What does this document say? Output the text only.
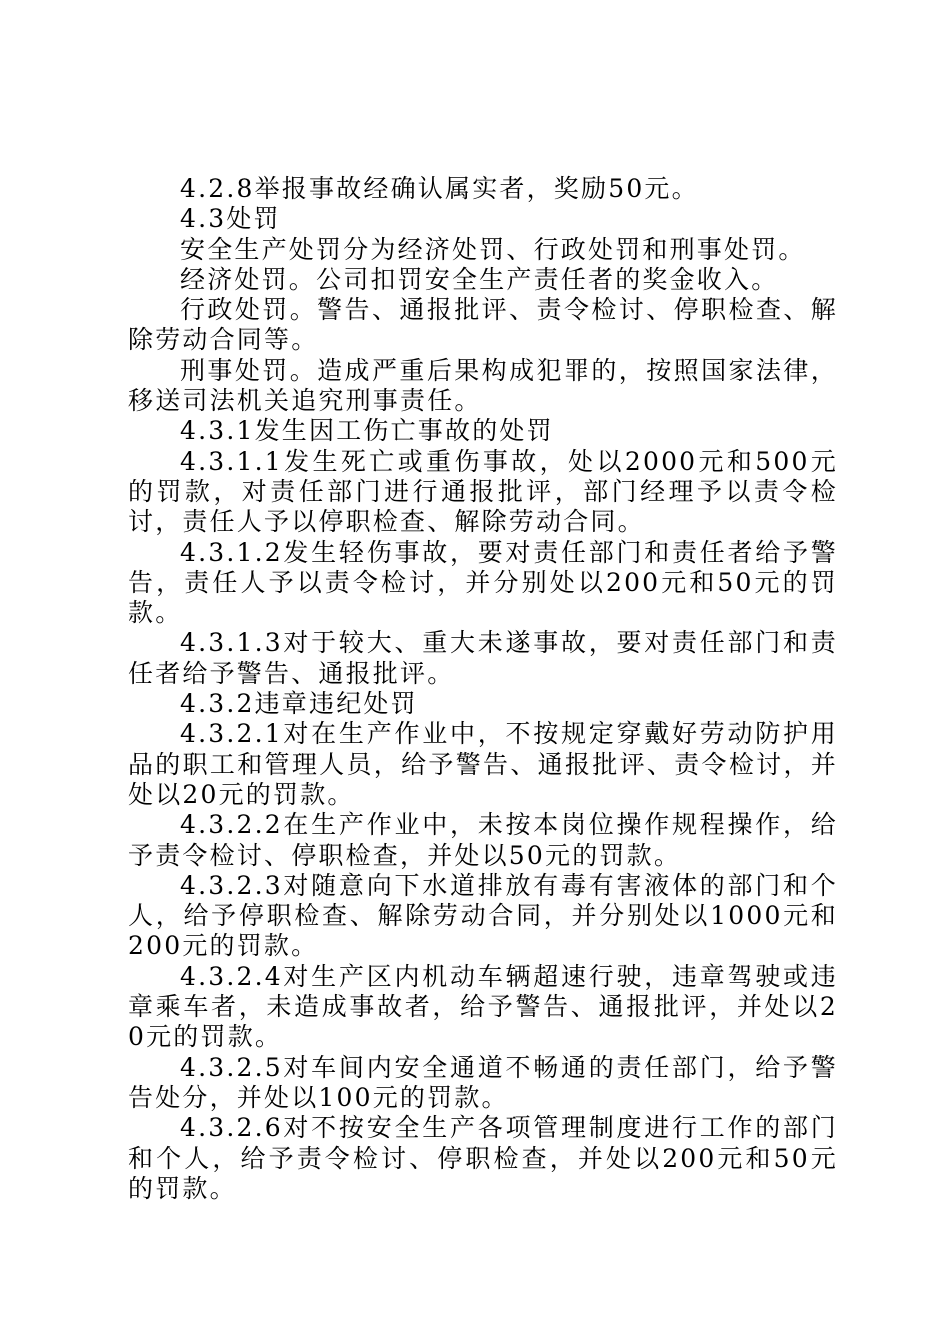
4.2.8举报事故经确认属实者，奖励50元。

4.3处罚

安全生产处罚分为经济处罚、行政处罚和刑事处罚。

经济处罚。公司扣罚安全生产责任者的奖金收入。

行政处罚。警告、通报批评、责令检讨、停职检查、解除劳动合同等。

刑事处罚。造成严重后果构成犯罪的，按照国家法律，移送司法机关追究刑事责任。

4.3.1发生因工伤亡事故的处罚

4.3.1.1发生死亡或重伤事故，处以2000元和500元的罚款，对责任部门进行通报批评，部门经理予以责令检讨，责任人予以停职检查、解除劳动合同。

4.3.1.2发生轻伤事故，要对责任部门和责任者给予警告，责任人予以责令检讨，并分别处以200元和50元的罚款。

4.3.1.3对于较大、重大未遂事故，要对责任部门和责任者给予警告、通报批评。

4.3.2违章违纪处罚

4.3.2.1对在生产作业中，不按规定穿戴好劳动防护用品的职工和管理人员，给予警告、通报批评、责令检讨，并处以20元的罚款。

4.3.2.2在生产作业中，未按本岗位操作规程操作，给予责令检讨、停职检查，并处以50元的罚款。

4.3.2.3对随意向下水道排放有毒有害液体的部门和个人，给予停职检查、解除劳动合同，并分别处以1000元和200元的罚款。

4.3.2.4对生产区内机动车辆超速行驶，违章驾驶或违章乘车者，未造成事故者，给予警告、通报批评，并处以20元的罚款。

4.3.2.5对车间内安全通道不畅通的责任部门，给予警告处分，并处以100元的罚款。

4.3.2.6对不按安全生产各项管理制度进行工作的部门和个人，给予责令检讨、停职检查，并处以200元和50元的罚款。
